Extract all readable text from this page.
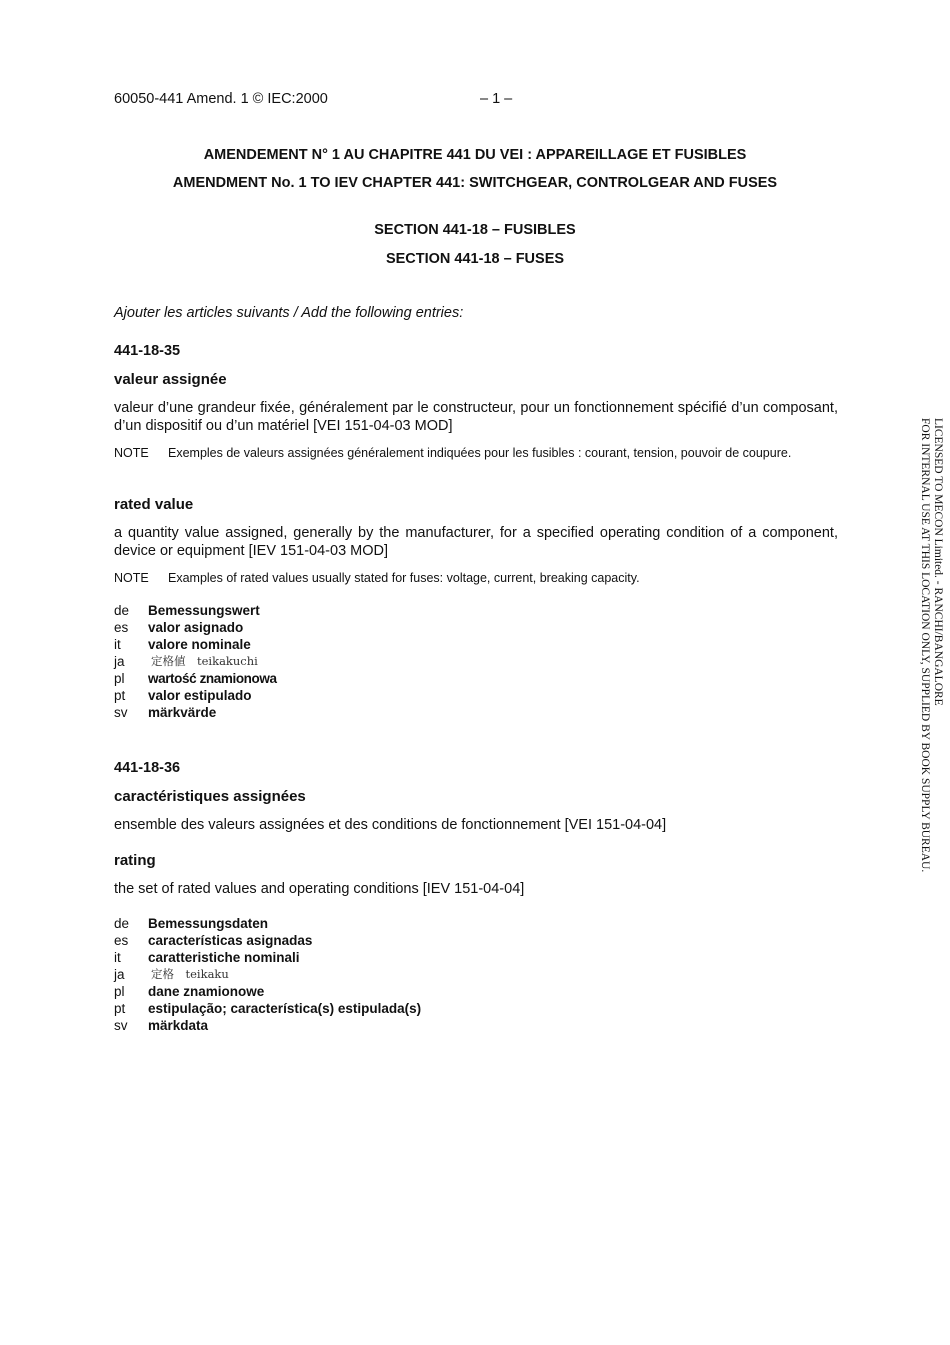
60050-441 Amend. 1 © IEC:2000	– 1 –
AMENDEMENT N° 1 AU CHAPITRE 441 DU VEI : APPAREILLAGE ET FUSIBLES
AMENDMENT No. 1 TO IEV CHAPTER 441: SWITCHGEAR, CONTROLGEAR AND FUSES
SECTION 441-18 – FUSIBLES
SECTION 441-18 – FUSES
Ajouter les articles suivants / Add the following entries:
441-18-35
valeur assignée
valeur d’une grandeur fixée, généralement par le constructeur, pour un fonctionnement spécifié d’un composant, d’un dispositif ou d’un matériel [VEI 151-04-03 MOD]
NOTE Exemples de valeurs assignées généralement indiquées pour les fusibles : courant, tension, pouvoir de coupure.
rated value
a quantity value assigned, generally by the manufacturer, for a specified operating condition of a component, device or equipment [IEV 151-04-03 MOD]
NOTE Examples of rated values usually stated for fuses: voltage, current, breaking capacity.
de	Bemessungswert
es	valor asignado
it	valore nominale
ja	定格値　teikakuchi
pl	wartość znamionowa
pt	valor estipulado
sv	märkvärde
441-18-36
caractéristiques assignées
ensemble des valeurs assignées et des conditions de fonctionnement [VEI 151-04-04]
rating
the set of rated values and operating conditions [IEV 151-04-04]
de	Bemessungsdaten
es	características asignadas
it	caratteristiche nominali
ja	定格　teikaku
pl	dane znamionowe
pt	estipulação; característica(s) estipulada(s)
sv	märkdata
LICENSED TO MECON Limited. - RANCHI/BANGALORE
FOR INTERNAL USE AT THIS LOCATION ONLY, SUPPLIED BY BOOK SUPPLY BUREAU.
